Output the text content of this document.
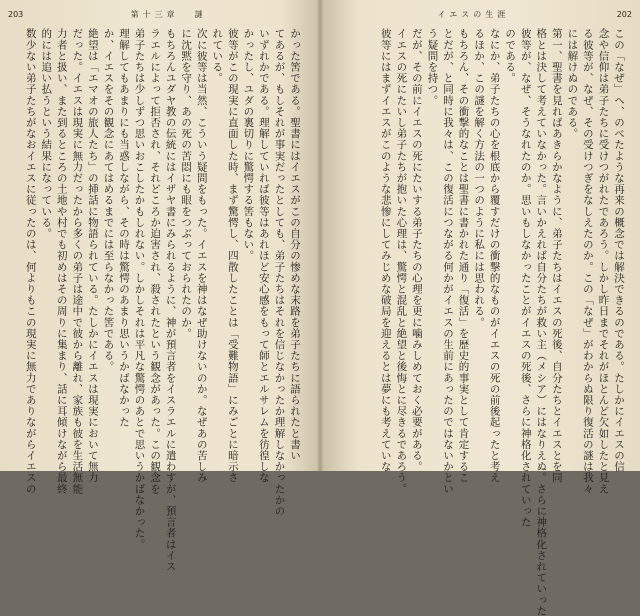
203	第十三章 謎
かった筈である。聖書にはイエスがこの自分の惨めな末路を弟子たちに語られたと書い
てあるが、もしそれが事実だったとしても、弟子たちはそれを信じなかったか理解しなかったかの
いずれかである。理解していれば彼等はあれほど安心感をもって師とエルサレムを彷徨しな
かったし、ユダの裏切りに驚愕する筈もない。
彼等がこの現実に直面した時、まず驚愕し、四散したことは「受難物語」にみごとに暗示さ
れている。
次に彼等は当然、こういう疑問をもった。イエスを神はなぜ助けないのか。なぜあの苦しみ
に沈黙を守り、あの死の苦悶にも眼をつぶっておられたのか。
もちろんユダヤ教の伝統にはイザヤ書にみられるように、神が預言者をイスラエルに遣わすが、預言者はイス
ラエルによって拒否され、それどころか迫害され、殺されたという観念があった。この観念を
弟子たちは少しずつ思いおこしたかもしれない。しかしそれは平凡な驚愕のあとで思いうかばなかった。
理解してもあまりにも当惑しながら、その時は驚愕のあまり思いうかばなかった
か、イエスをその観念にあてはめるまでには至らなかった筈である。
絶望は「エマオの旅人たち」の挿話に物語られている。たしかにイエスは現実において無力
だった。イエスは現実に無力だったから多くの弟子は途中で彼から離れ、家族も彼を生活無能
力者と扱い、また到るところの土地や村でも初めはその周りに集まり、話に耳傾けながら最終
的には追い払うという結果になっている。
数少ない弟子たちがなおイエスに従ったのは、何よりもこの現実に無力でありながらイエスの
イエスの生涯	202
この「なぜ」へ、のべたような再来の概念では解決できるのである。たしかにイエスの信
念や信仰は弟子たちに受けつがれたであろう。しかし昨日までそれがほとんど欠如したと見え
る彼等が、なぜ、その受けつぎをなしえたのか。この「なぜ」がわからぬ限り復活の謎は我々
には解けぬのである。
第一、聖書を見ればあきらかなように、弟子たちはイエスの死後、自分たちとイエスとを同
格とは決して考えていなかった。言いかえれば自分たちが救い主（メシア）にはなりえぬ。さらに神格化されていった
彼等が、なぜ、そうなれたのか。思いもしなかったことがイエスの死後、さらに神格化されていった
のである。
なにか、弟子たちの心を根底から覆すだけの衝撃的なものがイエスの死の前後起ったと考え
るほか、この謎を解く方法の一つのように私には思われる。
もちろん、その衝撃的なことは聖書に書かれた通り「復活」を歴史的事実として肯定するこ
とだが、と同時に我々は、この復活につながる何かがイエスの生前にあったのではないかとい
う疑問を持つ。
だが、その前にイエスの死にたいする弟子たちの心理を更に噛みしめておく必要がある。
イエスの死にたいし弟子たちが抱いた心理は、驚愕と混乱と絶望と後悔とに尽きるであろう。
彼等にはまずイエスがこのような悲惨にしてみじめな破局を迎えるとは夢にも考えていな
